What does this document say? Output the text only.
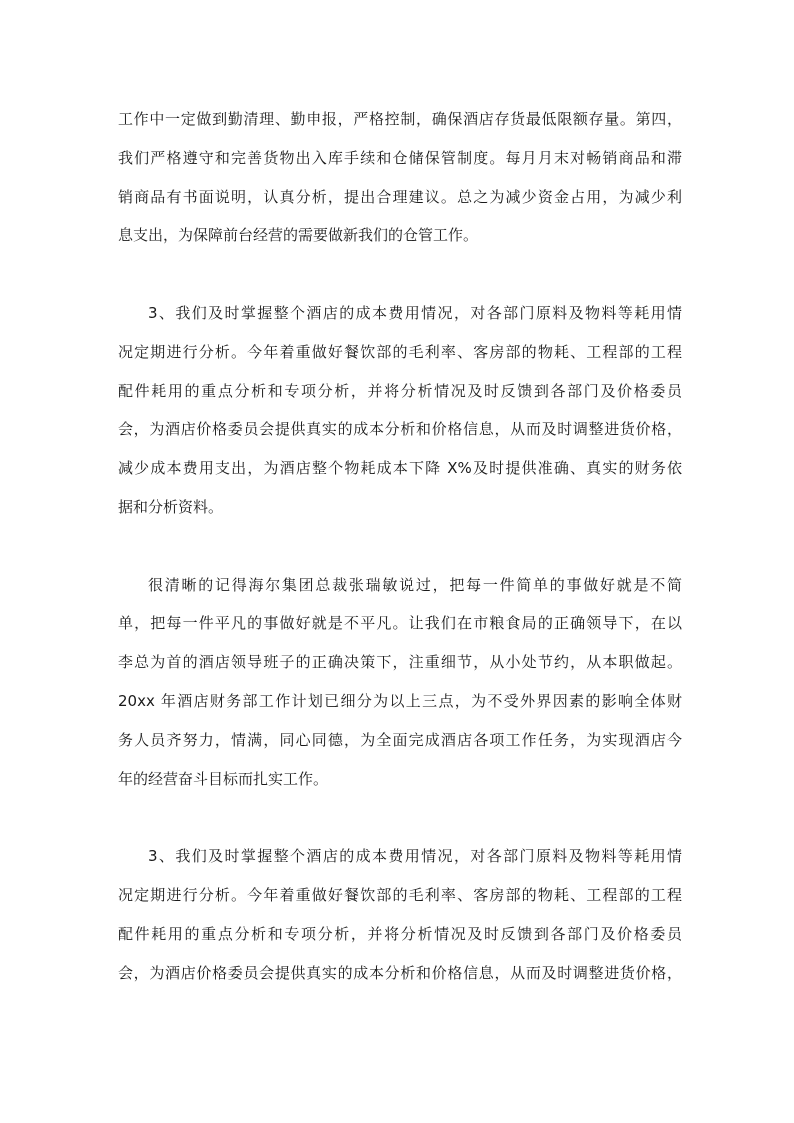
工作中一定做到勤清理、勤申报，严格控制，确保酒店存货最低限额存量。第四，
我们严格遵守和完善货物出入库手续和仓储保管制度。每月月末对畅销商品和滞
销商品有书面说明，认真分析，提出合理建议。总之为减少资金占用，为减少利
息支出，为保障前台经营的需要做新我们的仓管工作。

3、我们及时掌握整个酒店的成本费用情况，对各部门原料及物料等耗用情
况定期进行分析。今年着重做好餐饮部的毛利率、客房部的物耗、工程部的工程
配件耗用的重点分析和专项分析，并将分析情况及时反馈到各部门及价格委员
会，为酒店价格委员会提供真实的成本分析和价格信息，从而及时调整进货价格，
减少成本费用支出，为酒店整个物耗成本下降 X%及时提供准确、真实的财务依
据和分析资料。

很清晰的记得海尔集团总裁张瑞敏说过，把每一件简单的事做好就是不简
单，把每一件平凡的事做好就是不平凡。让我们在市粮食局的正确领导下，在以
李总为首的酒店领导班子的正确决策下，注重细节，从小处节约，从本职做起。
20xx 年酒店财务部工作计划已细分为以上三点，为不受外界因素的影响全体财
务人员齐努力，情满，同心同德，为全面完成酒店各项工作任务，为实现酒店今
年的经营奋斗目标而扎实工作。

3、我们及时掌握整个酒店的成本费用情况，对各部门原料及物料等耗用情
况定期进行分析。今年着重做好餐饮部的毛利率、客房部的物耗、工程部的工程
配件耗用的重点分析和专项分析，并将分析情况及时反馈到各部门及价格委员
会，为酒店价格委员会提供真实的成本分析和价格信息，从而及时调整进货价格，
